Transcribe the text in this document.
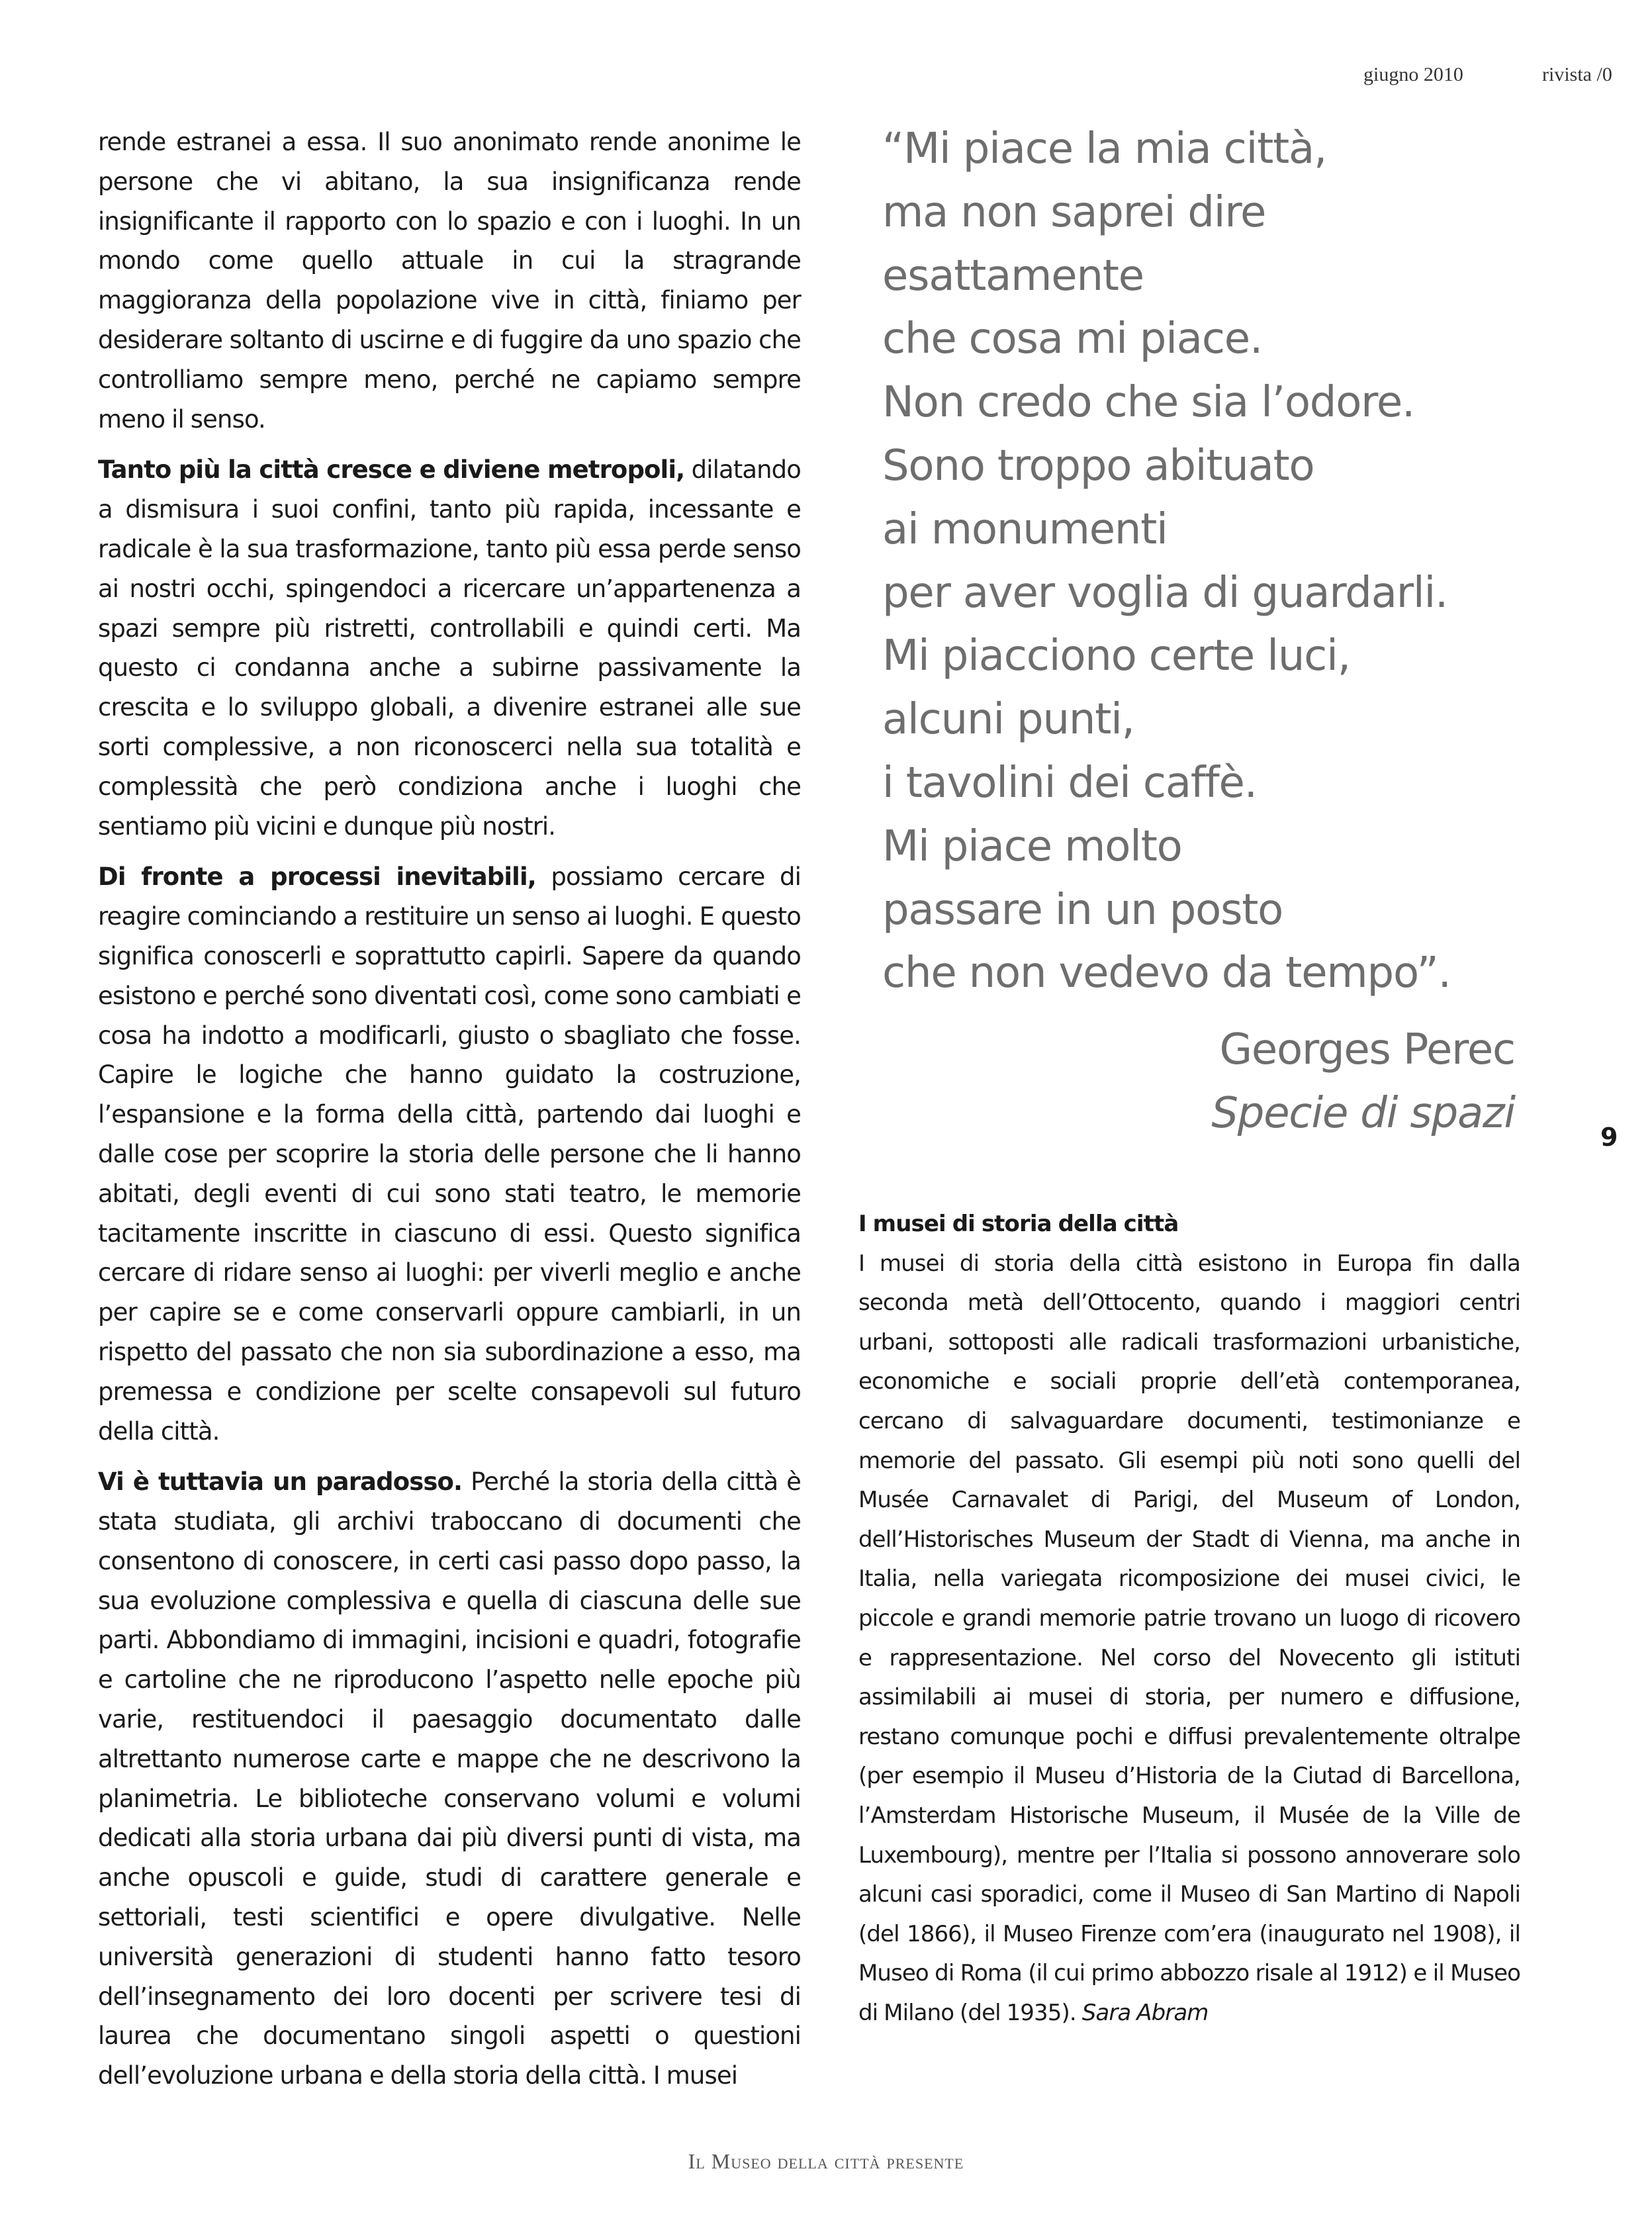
giugno 2010	rivista /0

rende estranei a essa. Il suo anonimato rende anonime le persone che vi abitano, la sua insignificanza rende insignificante il rapporto con lo spazio e con i luoghi. In un mondo come quello attuale in cui la stragrande maggioranza della popolazione vive in città, finiamo per desiderare soltanto di uscirne e di fuggire da uno spazio che controlliamo sempre meno, perché ne capiamo sempre meno il senso.

Tanto più la città cresce e diviene metropoli, dilatando a dismisura i suoi confini, tanto più rapida, incessante e radicale è la sua trasformazione, tanto più essa perde senso ai nostri occhi, spingendoci a ricercare un’appartenenza a spazi sempre più ristretti, controllabili e quindi certi. Ma questo ci condanna anche a subirne passivamente la crescita e lo sviluppo globali, a divenire estranei alle sue sorti complessive, a non riconoscerci nella sua totalità e complessità che però condiziona anche i luoghi che sentiamo più vicini e dunque più nostri.

Di fronte a processi inevitabili, possiamo cercare di reagire cominciando a restituire un senso ai luoghi. E questo significa conoscerli e soprattutto capirli. Sapere da quando esistono e perché sono diventati così, come sono cambiati e cosa ha indotto a modificarli, giusto o sbagliato che fosse. Capire le logiche che hanno guidato la costruzione, l’espansione e la forma della città, partendo dai luoghi e dalle cose per scoprire la storia delle persone che li hanno abitati, degli eventi di cui sono stati teatro, le memorie tacitamente inscritte in ciascuno di essi. Questo significa cercare di ridare senso ai luoghi: per viverli meglio e anche per capire se e come conservarli oppure cambiarli, in un rispetto del passato che non sia subordinazione a esso, ma premessa e condizione per scelte consapevoli sul futuro della città.

Vi è tuttavia un paradosso. Perché la storia della città è stata studiata, gli archivi traboccano di documenti che consentono di conoscere, in certi casi passo dopo passo, la sua evoluzione complessiva e quella di ciascuna delle sue parti. Abbondiamo di immagini, incisioni e quadri, fotografie e cartoline che ne riproducono l’aspetto nelle epoche più varie, restituendoci il paesaggio documentato dalle altrettanto numerose carte e mappe che ne descrivono la planimetria. Le biblioteche conservano volumi e volumi dedicati alla storia urbana dai più diversi punti di vista, ma anche opuscoli e guide, studi di carattere generale e settoriali, testi scientifici e opere divulgative. Nelle università generazioni di studenti hanno fatto tesoro dell’insegnamento dei loro docenti per scrivere tesi di laurea che documentano singoli aspetti o questioni dell’evoluzione urbana e della storia della città. I musei

“Mi piace la mia città,
ma non saprei dire
esattamente
che cosa mi piace.
Non credo che sia l’odore.
Sono troppo abituato
ai monumenti
per aver voglia di guardarli.
Mi piacciono certe luci,
alcuni punti,
i tavolini dei caffè.
Mi piace molto
passare in un posto
che non vedevo da tempo”.
Georges Perec
Specie di spazi	9

I musei di storia della città

I musei di storia della città esistono in Europa fin dalla seconda metà dell’Ottocento, quando i maggiori centri urbani, sottoposti alle radicali trasformazioni urbanistiche, economiche e sociali proprie dell’età contemporanea, cercano di salvaguardare documenti, testimonianze e memorie del passato. Gli esempi più noti sono quelli del Musée Carnavalet di Parigi, del Museum of London, dell’Historisches Museum der Stadt di Vienna, ma anche in Italia, nella variegata ricomposizione dei musei civici, le piccole e grandi memorie patrie trovano un luogo di ricovero e rappresentazione. Nel corso del Novecento gli istituti assimilabili ai musei di storia, per numero e diffusione, restano comunque pochi e diffusi prevalentemente oltralpe (per esempio il Museu d’Historia de la Ciutad di Barcellona, l’Amsterdam Historische Museum, il Musée de la Ville de Luxembourg), mentre per l’Italia si possono annoverare solo alcuni casi sporadici, come il Museo di San Martino di Napoli (del 1866), il Museo Firenze com’era (inaugurato nel 1908), il Museo di Roma (il cui primo abbozzo risale al 1912) e il Museo di Milano (del 1935). Sara Abram

Il Museo della città presente
